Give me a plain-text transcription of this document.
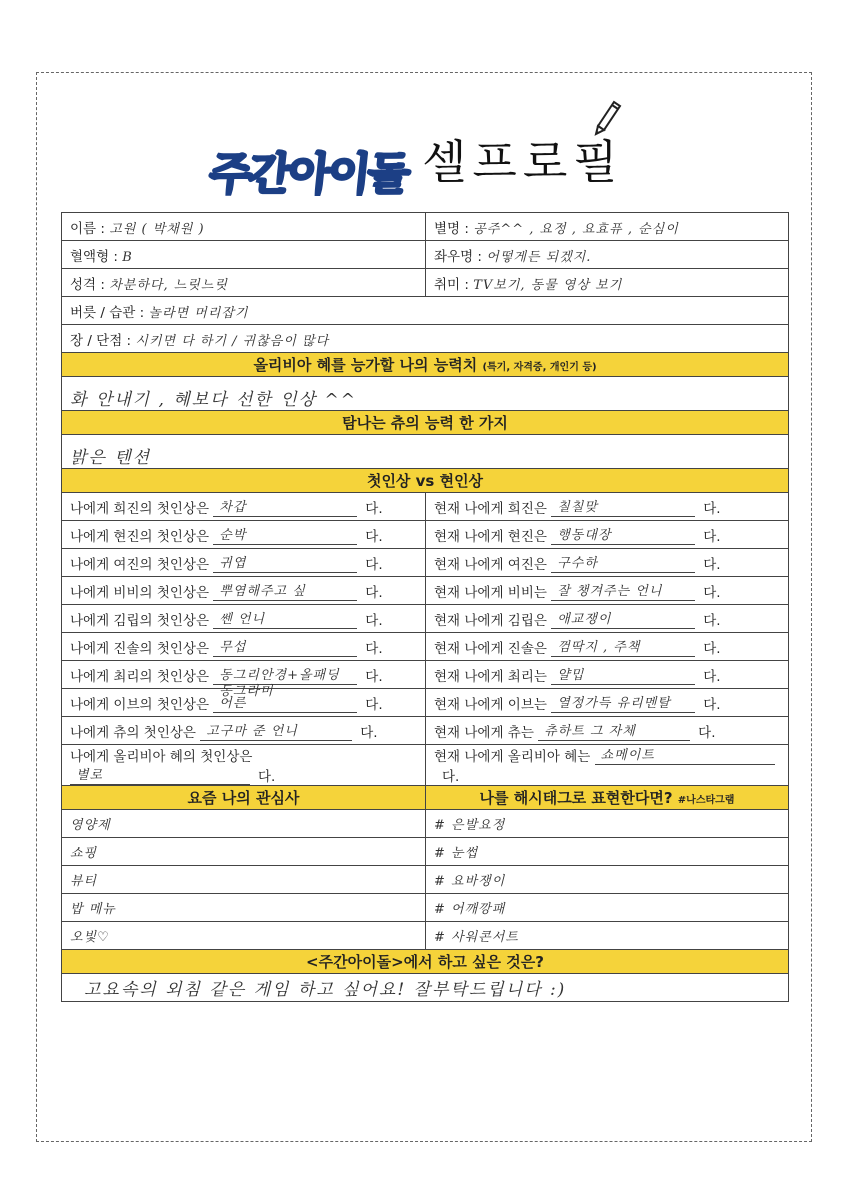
주간아이돌 셀프로필
이름 : 고원 ( 박채원 )	별명 : 공주^^ , 요정 , 요효퓨 , 순심이
혈액형 : B	좌우명 : 어떻게든 되겠지.
성격 : 차분하다, 느릿느릿	취미 : TV보기, 동물 영상 보기
버릇 / 습관 : 놀라면 머리잡기	
장 / 단점 : 시키면 다 하기 / 귀찮음이 많다	
올리비아 혜를 능가할 나의 능력치 (특기, 자격증, 개인기 등)	
화 안내기 , 혜보다 선한 인상 ^^	
탐나는 츄의 능력 한 가지	
밝은 텐션	
첫인상 vs 현인상	
나에게 희진의 첫인상은 차갑 다.	현재 나에게 희진은 칠칠맞 다.
나에게 현진의 첫인상은 순박 다.	현재 나에게 현진은 행동대장 다.
나에게 여진의 첫인상은 귀엽 다.	현재 나에게 여진은 구수하 다.
나에게 비비의 첫인상은 뿌염해주고 싶 다.	현재 나에게 비비는 잘 챙겨주는 언니 다.
나에게 김립의 첫인상은 쎈 언니 다.	현재 나에게 김립은 애교쟁이 다.
나에게 진솔의 첫인상은 무섭 다.	현재 나에게 진솔은 껌딱지 , 주책 다.
나에게 최리의 첫인상은 동그리안경+올패딩 동그라미다.	현재 나에게 최리는 얄밉 다.
나에게 이브의 첫인상은 어른 다.	현재 나에게 이브는 열정가득 유리멘탈 다.
나에게 츄의 첫인상은 고구마 준 언니 다.	현재 나에게 츄는 츄하트 그 자체 다.
나에게 올리비아 혜의 첫인상은 별로 다.	현재 나에게 올리비아 혜는 쇼메이트다.
요즘 나의 관심사	나를 해시태그로 표현한다면? #나스타그램
영양제	# 은발요정
쇼핑	# 눈썹
뷰티	# 요바쟁이
밥 메뉴	# 어깨깡패
오빛♡	# 사워콘서트
<주간아이돌>에서 하고 싶은 것은?	
고요속의 외침 같은 게임 하고 싶어요! 잘부탁드립니다 :)	
